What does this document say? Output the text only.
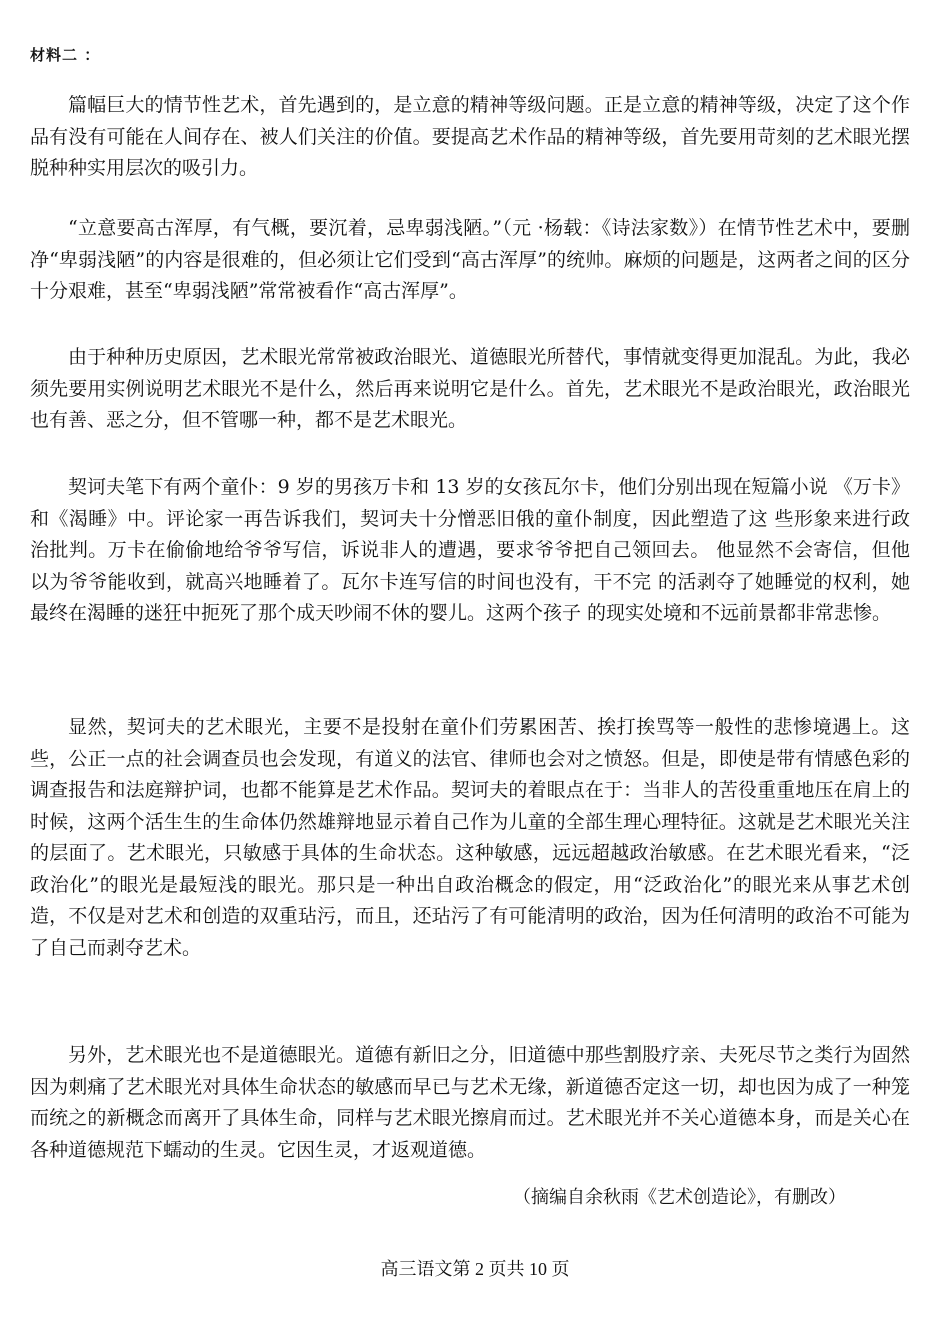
材料二 ：

篇幅巨大的情节性艺术，首先遇到的，是立意的精神等级问题。正是立意的精神等级，决定了这个作品有没有可能在人间存在、被人们关注的价值。要提高艺术作品的精神等级，首先要用苛刻的艺术眼光摆脱种种实用层次的吸引力。

“立意要高古浑厚，有气概，要沉着，忌卑弱浅陋。”（元 ·杨载：《诗法家数》）在情节性艺术中，要删净“卑弱浅陋”的内容是很难的，但必须让它们受到“高古浑厚”的统帅。麻烦的问题是，这两者之间的区分十分艰难，甚至“卑弱浅陋”常常被看作“高古浑厚”。

由于种种历史原因，艺术眼光常常被政治眼光、道德眼光所替代，事情就变得更加混乱。为此，我必须先要用实例说明艺术眼光不是什么，然后再来说明它是什么。首先，艺术眼光不是政治眼光，政治眼光也有善、恶之分，但不管哪一种，都不是艺术眼光。

契诃夫笔下有两个童仆：9 岁的男孩万卡和 13 岁的女孩瓦尔卡，他们分别出现在短篇小说 《万卡》和《渴睡》中。评论家一再告诉我们，契诃夫十分憎恶旧俄的童仆制度，因此塑造了这 些形象来进行政治批判。万卡在偷偷地给爷爷写信，诉说非人的遭遇，要求爷爷把自己领回去。 他显然不会寄信，但他以为爷爷能收到，就高兴地睡着了。瓦尔卡连写信的时间也没有，干不完 的活剥夺了她睡觉的权利，她最终在渴睡的迷狂中扼死了那个成天吵闹不休的婴儿。这两个孩子 的现实处境和不远前景都非常悲惨。

显然，契诃夫的艺术眼光，主要不是投射在童仆们劳累困苦、挨打挨骂等一般性的悲惨境遇上。这些，公正一点的社会调查员也会发现，有道义的法官、律师也会对之愤怒。但是，即使是带有情感色彩的调查报告和法庭辩护词，也都不能算是艺术作品。契诃夫的着眼点在于：当非人的苦役重重地压在肩上的时候，这两个活生生的生命体仍然雄辩地显示着自己作为儿童的全部生理心理特征。这就是艺术眼光关注的层面了。艺术眼光，只敏感于具体的生命状态。这种敏感，远远超越政治敏感。在艺术眼光看来，“泛政治化”的眼光是最短浅的眼光。那只是一种出自政治概念的假定，用“泛政治化”的眼光来从事艺术创造，不仅是对艺术和创造的双重玷污，而且，还玷污了有可能清明的政治，因为任何清明的政治不可能为了自己而剥夺艺术。

另外，艺术眼光也不是道德眼光。道德有新旧之分，旧道德中那些割股疗亲、夫死尽节之类行为固然因为刺痛了艺术眼光对具体生命状态的敏感而早已与艺术无缘，新道德否定这一切，却也因为成了一种笼而统之的新概念而离开了具体生命，同样与艺术眼光擦肩而过。艺术眼光并不关心道德本身，而是关心在各种道德规范下蠕动的生灵。它因生灵，才返观道德。

（摘编自余秋雨《艺术创造论》，有删改）
高三语文第 2 页共 10 页
